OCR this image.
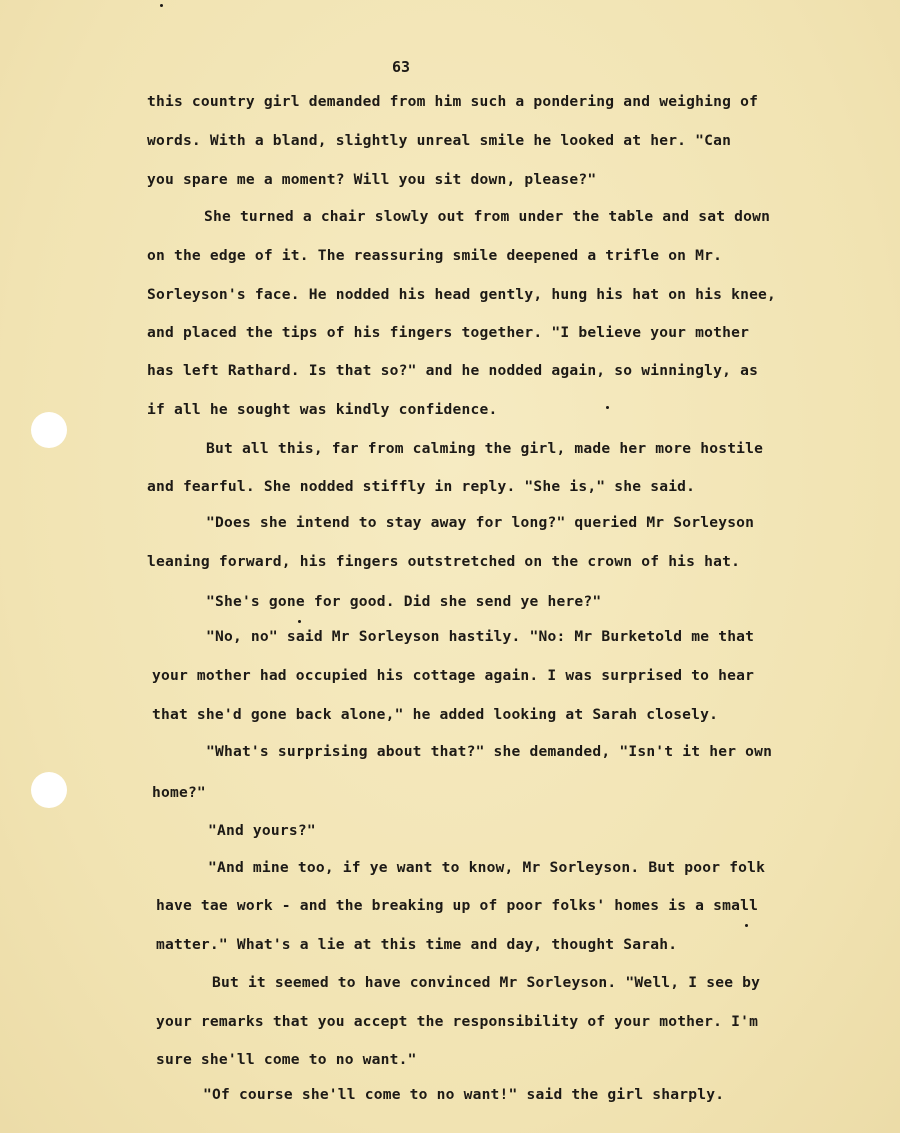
63
this country girl demanded from him such a pondering and weighing of
words. With a bland, slightly unreal smile he looked at her. "Can
you spare me a moment? Will you sit down, please?"
She turned a chair slowly out from under the table and sat down
on the edge of it. The reassuring smile deepened a trifle on Mr.
Sorleyson's face. He nodded his head gently, hung his hat on his knee,
and placed the tips of his fingers together. "I believe your mother
has left Rathard. Is that so?" and he nodded again, so winningly, as
if all he sought was kindly confidence.
But all this, far from calming the girl, made her more hostile
and fearful. She nodded stiffly in reply. "She is," she said.
"Does she intend to stay away for long?" queried Mr Sorleyson
leaning forward, his fingers outstretched on the crown of his hat.
"She's gone for good. Did she send ye here?"
"No, no" said Mr Sorleyson hastily. "No: Mr Burketold me that
your mother had occupied his cottage again. I was surprised to hear
that she'd gone back alone," he added looking at Sarah closely.
"What's surprising about that?" she demanded, "Isn't it her own
home?"
"And yours?"
"And mine too, if ye want to know, Mr Sorleyson. But poor folk
have tae work - and the breaking up of poor folks' homes is a small
matter." What's a lie at this time and day, thought Sarah.
But it seemed to have convinced Mr Sorleyson. "Well, I see by
your remarks that you accept the responsibility of your mother. I'm
sure she'll come to no want."
"Of course she'll come to no want!" said the girl sharply.
